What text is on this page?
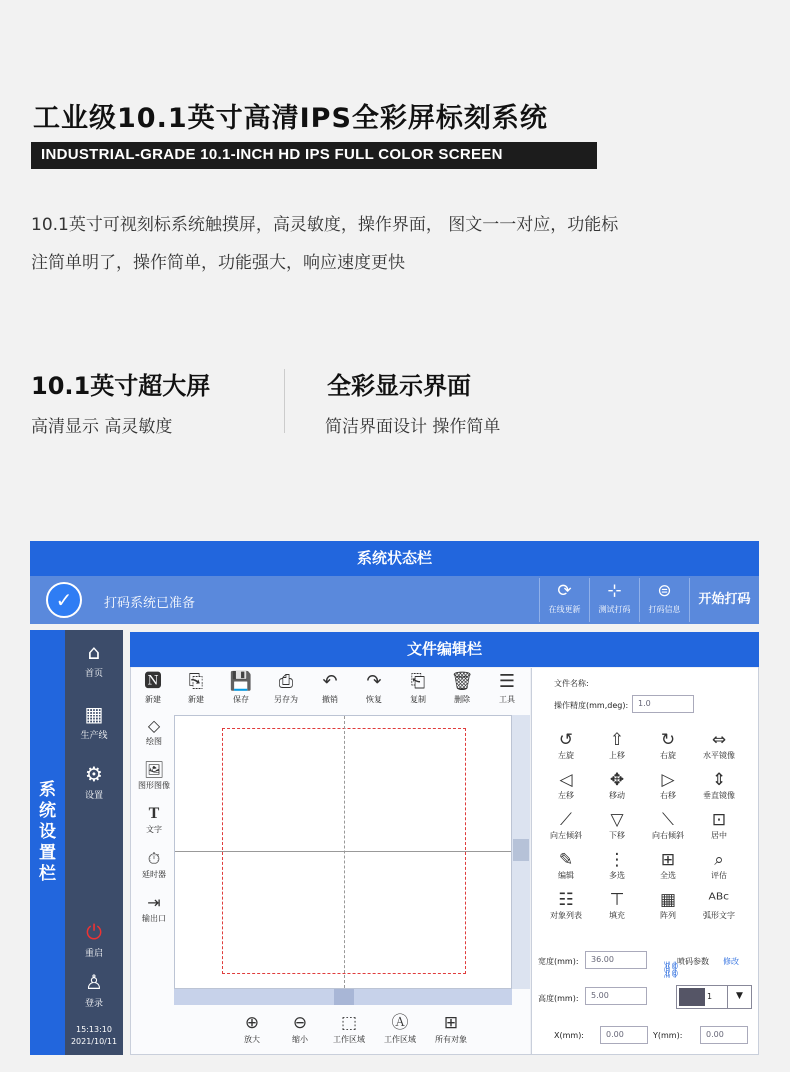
工业级10.1英寸高清IPS全彩屏标刻系统
INDUSTRIAL-GRADE 10.1-INCH HD IPS FULL COLOR SCREEN
10.1英寸可视刻标系统触摸屏，高灵敏度，操作界面， 图文一一对应，功能标
注简单明了，操作简单，功能强大，响应速度更快
10.1英寸超大屏
高清显示 高灵敏度
全彩显示界面
简洁界面设计 操作简单
系统状态栏
✓	打码系统已准备
⟳
在线更新
⊹
测试打码
⊜
打码信息
开始打码
系统设置栏
⌂
首页
▦
生产线
⚙
设置
⏻
重启
♙
登录
15:13:10
2021/10/11
文件编辑栏
🅽
新建
⎘
新建
💾
保存
⎙
另存为
↶
撤销
↷
恢复
⎗
复制
🗑
删除
☰
工具
◇
绘图
🖼
图形图像
T
文字
⏱
延时器
⇥
输出口
⊕
放大
⊖
缩小
⬚
工作区域
Ⓐ
工作区域
⊞
所有对象
文件名称:
操作精度(mm,deg):	1.0
↺
左旋
⇧
上移
↻
右旋
⇔
水平镜像
◁
左移
✥
移动
▷
右移
⇕
垂直镜像
⟋
向左倾斜
▽
下移
⟍
向右倾斜
⊡
居中
✎
编辑
⋮
多选
⊞
全选
⌕
评估
☷
对象列表
⊤
填充
▦
阵列
ᴬᴮᶜ
弧形文字
宽度(mm):	36.00	喷码参数 修改
⛓
高度(mm):	5.00	1	▼
X(mm):	0.00	Y(mm):	0.00
